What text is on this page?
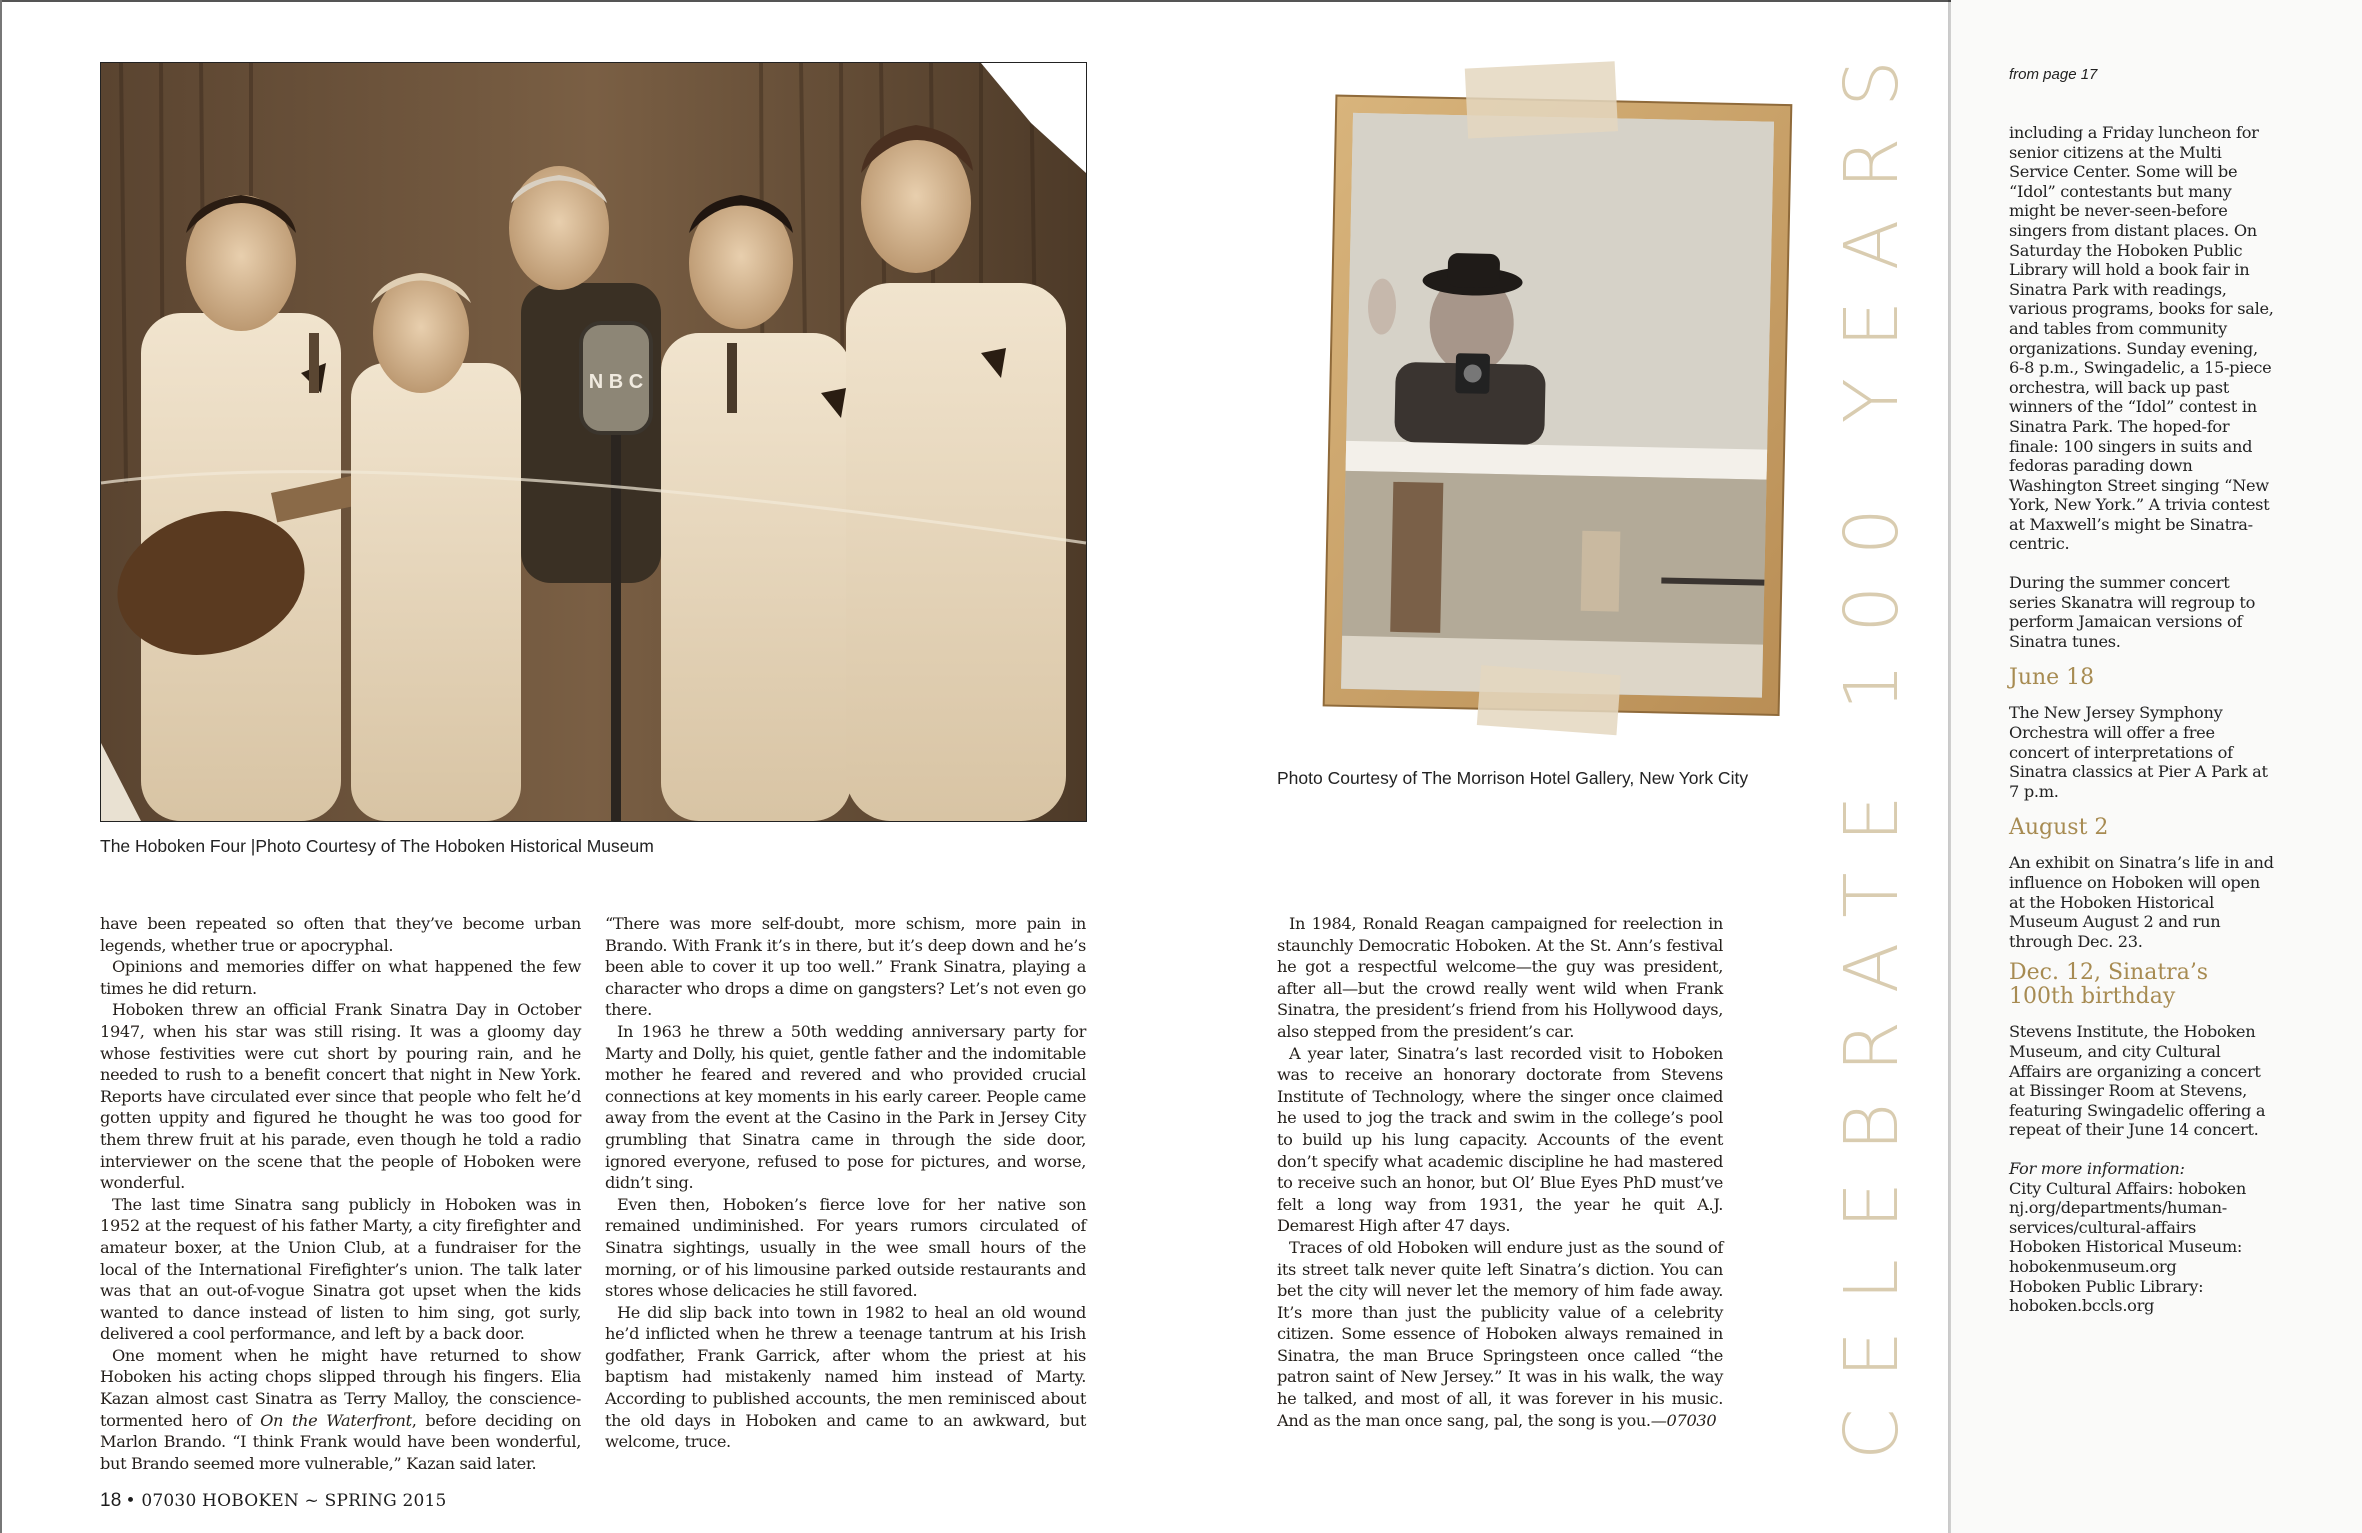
N B C
The Hoboken Four |Photo Courtesy of The Hoboken Historical Museum
Photo Courtesy of The Morrison Hotel Gallery, New York City

have been repeated so often that they’ve become urban legends, whether true or apocryphal.

Opinions and memories differ on what happened the few times he did return.

Hoboken threw an official Frank Sinatra Day in October 1947, when his star was still rising. It was a gloomy day whose festivities were cut short by pouring rain, and he needed to rush to a benefit concert that night in New York. Reports have circulated ever since that people who felt he’d gotten uppity and figured he thought he was too good for them threw fruit at his parade, even though he told a radio interviewer on the scene that the people of Hoboken were wonderful.

The last time Sinatra sang publicly in Hoboken was in 1952 at the request of his father Marty, a city firefighter and amateur boxer, at the Union Club, at a fundraiser for the local of the International Firefighter’s union. The talk later was that an out-of-vogue Sinatra got upset when the kids wanted to dance instead of listen to him sing, got surly, delivered a cool performance, and left by a back door.

One moment when he might have returned to show Hoboken his acting chops slipped through his fingers. Elia Kazan almost cast Sinatra as Terry Malloy, the conscience-tormented hero of On the Waterfront, before deciding on Marlon Brando. “I think Frank would have been wonderful, but Brando seemed more vulnerable,” Kazan said later.

“There was more self-doubt, more schism, more pain in Brando. With Frank it’s in there, but it’s deep down and he’s been able to cover it up too well.” Frank Sinatra, playing a character who drops a dime on gangsters? Let’s not even go there.

In 1963 he threw a 50th wedding anniversary party for Marty and Dolly, his quiet, gentle father and the indomitable mother he feared and revered and who provided crucial connections at key moments in his early career. People came away from the event at the Casino in the Park in Jersey City grumbling that Sinatra came in through the side door, ignored everyone, refused to pose for pictures, and worse, didn’t sing.

Even then, Hoboken’s fierce love for her native son remained undiminished. For years rumors circulated of Sinatra sightings, usually in the wee small hours of the morning, or of his limousine parked outside restaurants and stores whose delicacies he still favored.

He did slip back into town in 1982 to heal an old wound he’d inflicted when he threw a teenage tantrum at his Irish godfather, Frank Garrick, after whom the priest at his baptism had mistakenly named him instead of Marty. According to published accounts, the men reminisced about the old days in Hoboken and came to an awkward, but welcome, truce.

In 1984, Ronald Reagan campaigned for reelection in staunchly Democratic Hoboken. At the St. Ann’s festival he got a respectful welcome—the guy was president, after all—but the crowd really went wild when Frank Sinatra, the president’s friend from his Hollywood days, also stepped from the president’s car.

A year later, Sinatra’s last recorded visit to Hoboken was to receive an honorary doctorate from Stevens Institute of Technology, where the singer once claimed he used to jog the track and swim in the college’s pool to build up his lung capacity. Accounts of the event don’t specify what academic discipline he had mastered to receive such an honor, but Ol’ Blue Eyes PhD must’ve felt a long way from 1931, the year he quit A.J. Demarest High after 47 days.

Traces of old Hoboken will endure just as the sound of its street talk never quite left Sinatra’s diction. You can bet the city will never let the memory of him fade away. It’s more than just the publicity value of a celebrity citizen. Some essence of Hoboken always remained in Sinatra, the man Bruce Springsteen once called “the patron saint of New Jersey.” It was in his walk, the way he talked, and most of all, it was forever in his music. And as the man once sang, pal, the song is you.—07030

18 • 07030 HOBOKEN ~ SPRING 2015
CELEBRATE 100 YEARS	from page 17

including a Friday luncheon for senior citizens at the Multi Service Center. Some will be “Idol” contestants but many might be never-seen-before singers from distant places. On Saturday the Hoboken Public Library will hold a book fair in Sinatra Park with readings, various programs, books for sale, and tables from community organizations. Sunday evening, 6-8 p.m., Swingadelic, a 15-piece orchestra, will back up past winners of the “Idol” contest in Sinatra Park. The hoped-for finale: 100 singers in suits and fedoras parading down Washington Street singing “New York, New York.” A trivia contest at Maxwell’s might be Sinatra-centric.

During the summer concert series Skanatra will regroup to perform Jamaican versions of Sinatra tunes.

June 18

The New Jersey Symphony Orchestra will offer a free concert of interpretations of Sinatra classics at Pier A Park at 7 p.m.

August 2

An exhibit on Sinatra’s life in and influence on Hoboken will open at the Hoboken Historical Museum August 2 and run through Dec. 23.

Dec. 12, Sinatra’s 100th birthday

Stevens Institute, the Hoboken Museum, and city Cultural Affairs are organizing a concert at Bissinger Room at Stevens, featuring Swingadelic offering a repeat of their June 14 concert.

For more information:

City Cultural Affairs: hoboken

nj.org/departments/human-

services/cultural-affairs

Hoboken Historical Museum:

hobokenmuseum.org

Hoboken Public Library:

hoboken.bccls.org
